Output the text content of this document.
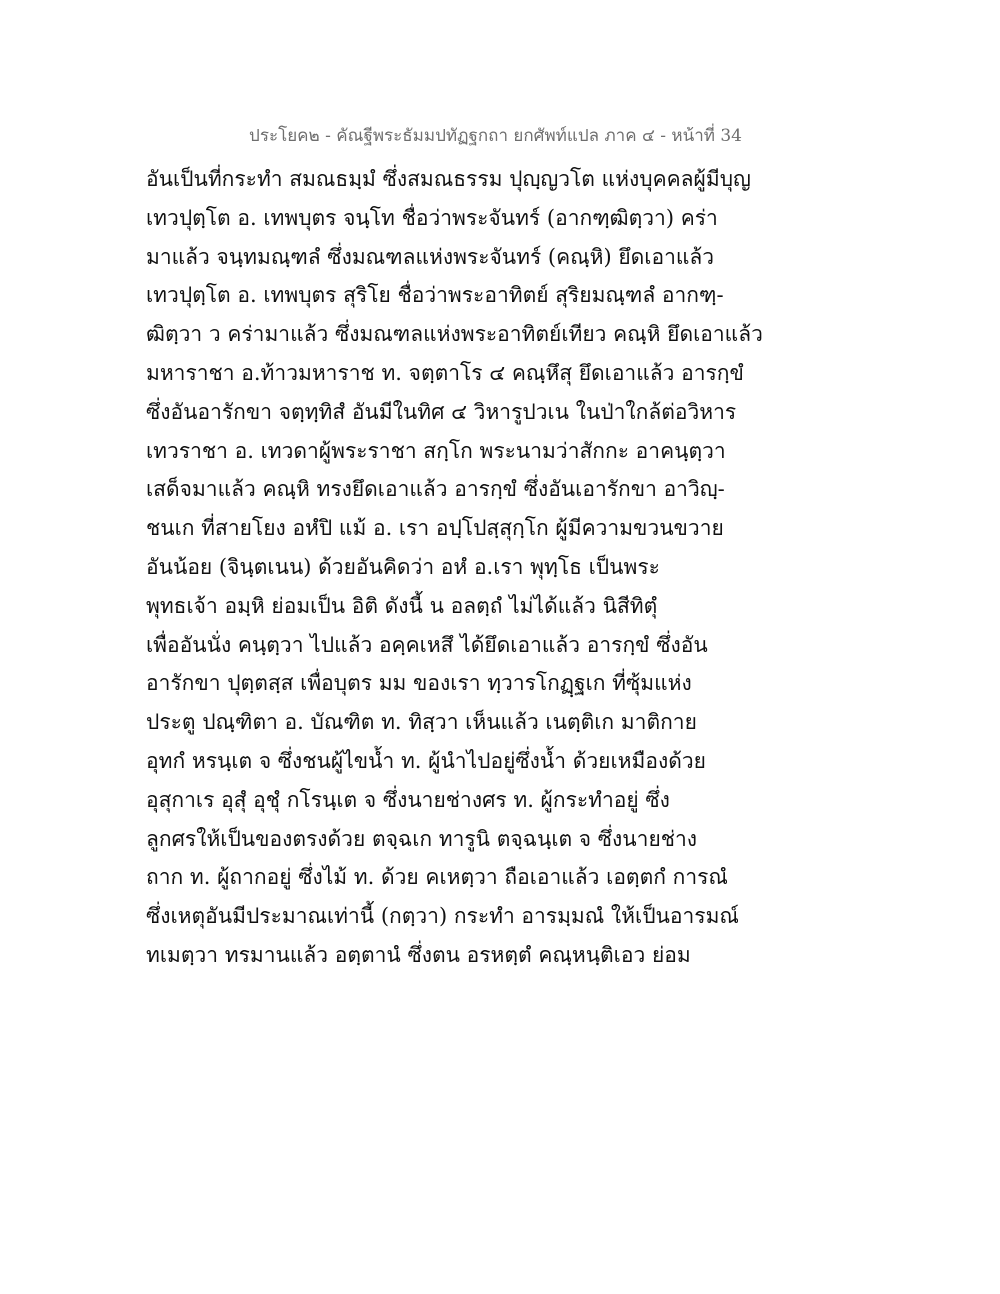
ประโยค๒ - คัณฐีพระธัมมปทัฏฐกถา ยกศัพท์แปล ภาค ๔ - หน้าที่ 34
อันเป็นที่กระทำ สมณธมฺมํ ซึ่งสมณธรรม ปุญฺญวโต แห่งบุคคลผู้มีบุญ
เทวปุตฺโต อ. เทพบุตร จนฺโท ชื่อว่าพระจันทร์ (อากฑฺฒิตฺวา) คร่า
มาแล้ว จนฺทมณฺฑลํ ซึ่งมณฑลแห่งพระจันทร์ (คณฺหิ) ยึดเอาแล้ว
เทวปุตฺโต อ. เทพบุตร สุริโย ชื่อว่าพระอาทิตย์ สุริยมณฺฑลํ อากฑฺ-
ฒิตฺวา ว คร่ามาแล้ว ซึ่งมณฑลแห่งพระอาทิตย์เทียว คณฺหิ ยึดเอาแล้ว
มหาราชา อ.ท้าวมหาราช ท. จตฺตาโร ๔ คณฺหึสุ ยึดเอาแล้ว อารกฺขํ
ซึ่งอันอารักขา จตฺทฺทิสํ อันมีในทิศ ๔ วิหารูปวเน ในป่าใกล้ต่อวิหาร
เทวราชา อ. เทวดาผู้พระราชา สกฺโก พระนามว่าสักกะ อาคนฺตฺวา
เสด็จมาแล้ว คณฺหิ ทรงยึดเอาแล้ว อารกฺขํ ซึ่งอันเอารักขา อาวิญฺ-
ชนเก ที่สายโยง อหํปิ แม้ อ. เรา อปฺโปสฺสุกฺโก ผู้มีความขวนขวาย
อันน้อย (จินฺตเนน) ด้วยอันคิดว่า อหํ อ.เรา พุทฺโธ เป็นพระ
พุทธเจ้า อมฺหิ ย่อมเป็น อิติ ดังนี้ น อลตฺถํ ไม่ได้แล้ว นิสีทิตุํ
เพื่ออันนั่ง คนฺตฺวา ไปแล้ว อคฺคเหสึ ได้ยึดเอาแล้ว อารกฺขํ ซึ่งอัน
อารักขา ปุตฺตสฺส เพื่อบุตร มม ของเรา ทฺวารโกฏฺฐเก ที่ซุ้มแห่ง
ประตู ปณฺฑิตา อ. บัณฑิต ท. ทิสฺวา เห็นแล้ว เนตฺติเก มาติกาย
อุทกํ หรนฺเต จ ซึ่งชนผู้ไขน้ำ ท. ผู้นำไปอยู่ซึ่งน้ำ ด้วยเหมืองด้วย
อุสุกาเร อุสุํ อุชุํ กโรนฺเต จ ซึ่งนายช่างศร ท. ผู้กระทำอยู่ ซึ่ง
ลูกศรให้เป็นของตรงด้วย ตจฺฉเก ทารูนิ ตจฺฉนฺเต จ ซึ่งนายช่าง
ถาก ท. ผู้ถากอยู่ ซึ่งไม้ ท. ด้วย คเหตฺวา ถือเอาแล้ว เอตฺตกํ การณํ
ซึ่งเหตุอันมีประมาณเท่านี้ (กตฺวา) กระทำ อารมฺมณํ ให้เป็นอารมณ์
ทเมตฺวา ทรมานแล้ว อตฺตานํ ซึ่งตน อรหตฺตํ คณฺหนฺติเอว ย่อม
